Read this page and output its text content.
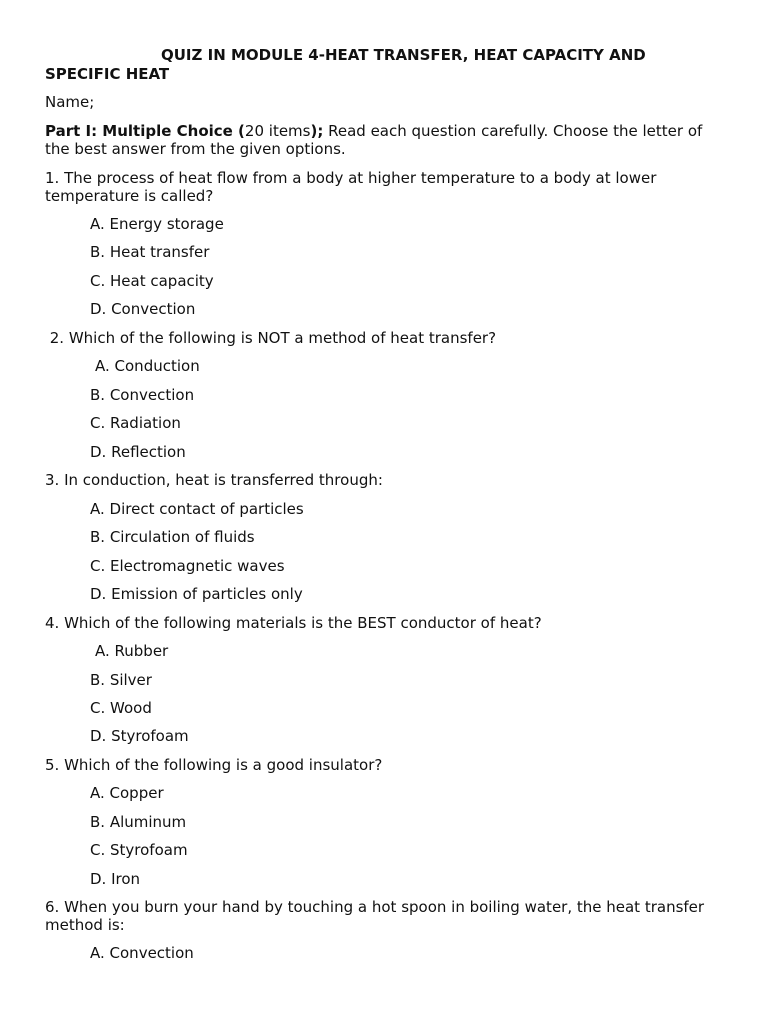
QUIZ IN MODULE 4-HEAT TRANSFER, HEAT CAPACITY AND
SPECIFIC HEAT
Name;
Part I: Multiple Choice (20 items); Read each question carefully. Choose the letter of
the best answer from the given options.
1. The process of heat flow from a body at higher temperature to a body at lower
temperature is called?
A. Energy storage
B. Heat transfer
C. Heat capacity
D. Convection
2. Which of the following is NOT a method of heat transfer?
A. Conduction
B. Convection
C. Radiation
D. Reflection
3. In conduction, heat is transferred through:
A. Direct contact of particles
B. Circulation of fluids
C. Electromagnetic waves
D. Emission of particles only
4. Which of the following materials is the BEST conductor of heat?
A. Rubber
B. Silver
C. Wood
D. Styrofoam
5. Which of the following is a good insulator?
A. Copper
B. Aluminum
C. Styrofoam
D. Iron
6. When you burn your hand by touching a hot spoon in boiling water, the heat transfer
method is:
A. Convection
